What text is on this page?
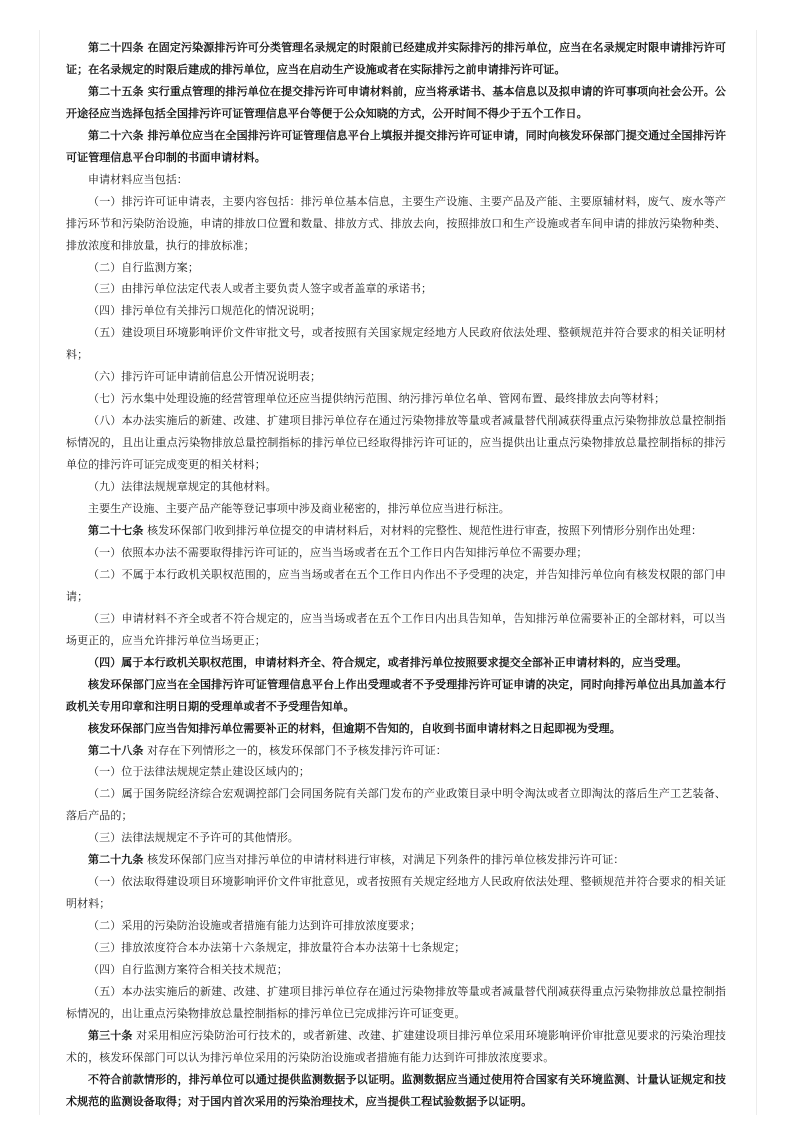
第二十四条 在固定污染源排污许可分类管理名录规定的时限前已经建成并实际排污的排污单位，应当在名录规定时限申请排污许可证；在名录规定的时限后建成的排污单位，应当在启动生产设施或者在实际排污之前申请排污许可证。

第二十五条 实行重点管理的排污单位在提交排污许可申请材料前，应当将承诺书、基本信息以及拟申请的许可事项向社会公开。公开途径应当选择包括全国排污许可证管理信息平台等便于公众知晓的方式，公开时间不得少于五个工作日。

第二十六条 排污单位应当在全国排污许可证管理信息平台上填报并提交排污许可证申请，同时向核发环保部门提交通过全国排污许可证管理信息平台印制的书面申请材料。

申请材料应当包括：

（一）排污许可证申请表，主要内容包括：排污单位基本信息，主要生产设施、主要产品及产能、主要原辅材料，废气、废水等产排污环节和污染防治设施，申请的排放口位置和数量、排放方式、排放去向，按照排放口和生产设施或者车间申请的排放污染物种类、排放浓度和排放量，执行的排放标准；

（二）自行监测方案；

（三）由排污单位法定代表人或者主要负责人签字或者盖章的承诺书；

（四）排污单位有关排污口规范化的情况说明；

（五）建设项目环境影响评价文件审批文号，或者按照有关国家规定经地方人民政府依法处理、整顿规范并符合要求的相关证明材料；

（六）排污许可证申请前信息公开情况说明表；

（七）污水集中处理设施的经营管理单位还应当提供纳污范围、纳污排污单位名单、管网布置、最终排放去向等材料；

（八）本办法实施后的新建、改建、扩建项目排污单位存在通过污染物排放等量或者减量替代削减获得重点污染物排放总量控制指标情况的，且出让重点污染物排放总量控制指标的排污单位已经取得排污许可证的，应当提供出让重点污染物排放总量控制指标的排污单位的排污许可证完成变更的相关材料；

（九）法律法规规章规定的其他材料。

主要生产设施、主要产品产能等登记事项中涉及商业秘密的，排污单位应当进行标注。

第二十七条 核发环保部门收到排污单位提交的申请材料后，对材料的完整性、规范性进行审查，按照下列情形分别作出处理：

（一）依照本办法不需要取得排污许可证的，应当当场或者在五个工作日内告知排污单位不需要办理；

（二）不属于本行政机关职权范围的，应当当场或者在五个工作日内作出不予受理的决定，并告知排污单位向有核发权限的部门申请；

（三）申请材料不齐全或者不符合规定的，应当当场或者在五个工作日内出具告知单，告知排污单位需要补正的全部材料，可以当场更正的，应当允许排污单位当场更正；

（四）属于本行政机关职权范围，申请材料齐全、符合规定，或者排污单位按照要求提交全部补正申请材料的，应当受理。

核发环保部门应当在全国排污许可证管理信息平台上作出受理或者不予受理排污许可证申请的决定，同时向排污单位出具加盖本行政机关专用印章和注明日期的受理单或者不予受理告知单。

核发环保部门应当告知排污单位需要补正的材料，但逾期不告知的，自收到书面申请材料之日起即视为受理。

第二十八条 对存在下列情形之一的，核发环保部门不予核发排污许可证：

（一）位于法律法规规定禁止建设区域内的；

（二）属于国务院经济综合宏观调控部门会同国务院有关部门发布的产业政策目录中明令淘汰或者立即淘汰的落后生产工艺装备、落后产品的；

（三）法律法规规定不予许可的其他情形。

第二十九条 核发环保部门应当对排污单位的申请材料进行审核，对满足下列条件的排污单位核发排污许可证：

（一）依法取得建设项目环境影响评价文件审批意见，或者按照有关规定经地方人民政府依法处理、整顿规范并符合要求的相关证明材料；

（二）采用的污染防治设施或者措施有能力达到许可排放浓度要求；

（三）排放浓度符合本办法第十六条规定，排放量符合本办法第十七条规定；

（四）自行监测方案符合相关技术规范；

（五）本办法实施后的新建、改建、扩建项目排污单位存在通过污染物排放等量或者减量替代削减获得重点污染物排放总量控制指标情况的，出让重点污染物排放总量控制指标的排污单位已完成排污许可证变更。

第三十条 对采用相应污染防治可行技术的，或者新建、改建、扩建建设项目排污单位采用环境影响评价审批意见要求的污染治理技术的，核发环保部门可以认为排污单位采用的污染防治设施或者措施有能力达到许可排放浓度要求。

不符合前款情形的，排污单位可以通过提供监测数据予以证明。监测数据应当通过使用符合国家有关环境监测、计量认证规定和技术规范的监测设备取得；对于国内首次采用的污染治理技术，应当提供工程试验数据予以证明。
